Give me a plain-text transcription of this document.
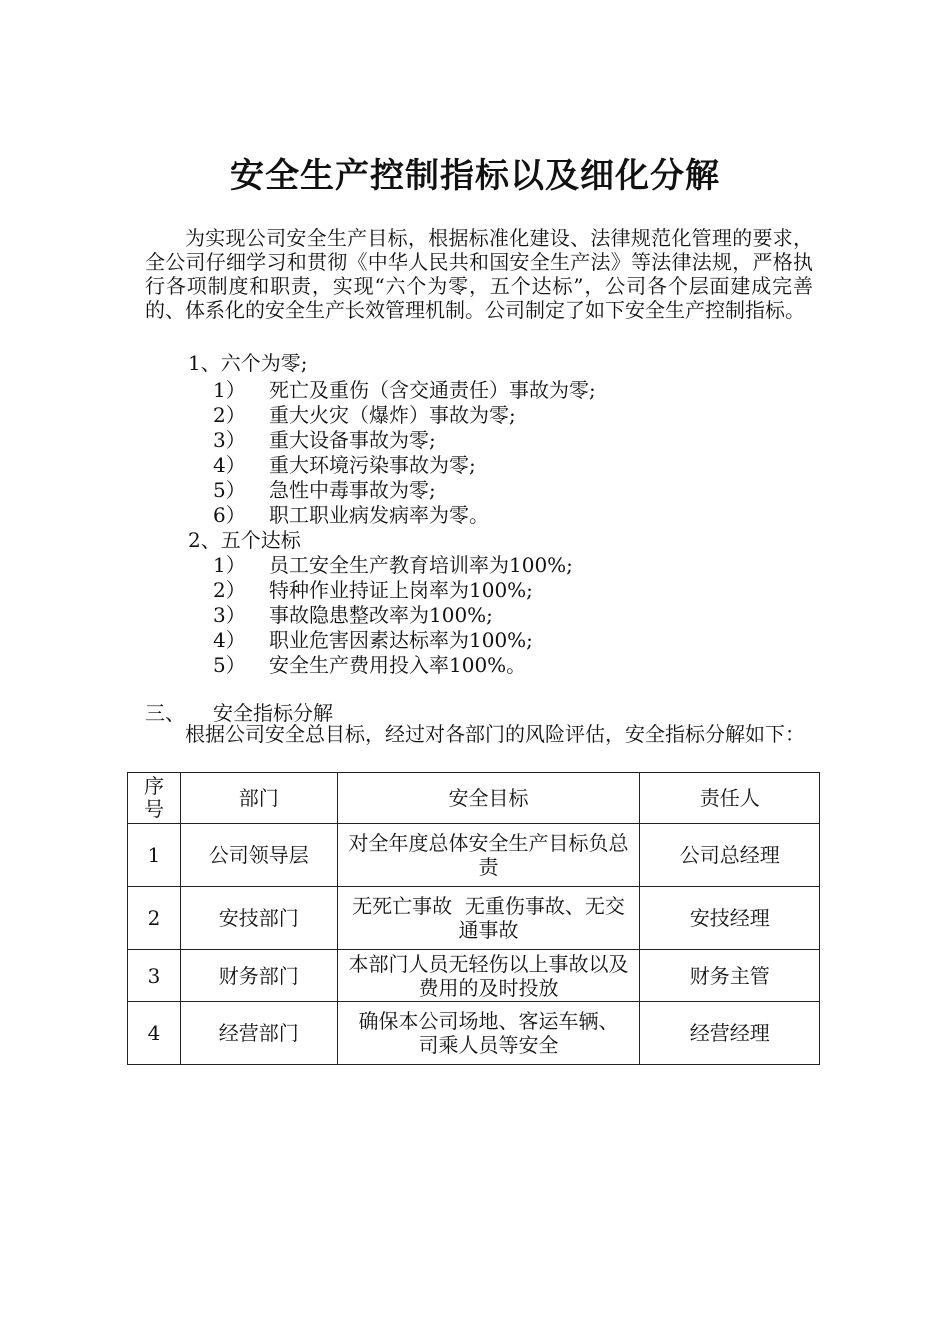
安全生产控制指标以及细化分解

为实现公司安全生产目标，根据标准化建设、法律规范化管理的要求，全公司仔细学习和贯彻《中华人民共和国安全生产法》等法律法规，严格执行各项制度和职责，实现“六个为零，五个达标”，公司各个层面建成完善的、体系化的安全生产长效管理机制。公司制定了如下安全生产控制指标。

1、六个为零;
1） 死亡及重伤（含交通责任）事故为零;
2） 重大火灾（爆炸）事故为零;
3） 重大设备事故为零;
4） 重大环境污染事故为零;
5） 急性中毒事故为零;
6） 职工职业病发病率为零。
2、五个达标
1） 员工安全生产教育培训率为100%;
2） 特种作业持证上岗率为100%;
3） 事故隐患整改率为100%;
4） 职业危害因素达标率为100%;
5） 安全生产费用投入率100%。
三、 安全指标分解

根据公司安全总目标，经过对各部门的风险评估，安全指标分解如下：

序号	部门	安全目标	责任人
1	公司领导层	对全年度总体安全生产目标负总责	公司总经理
2	安技部门	无死亡事故  无重伤事故、无交通事故	安技经理
3	财务部门	本部门人员无轻伤以上事故以及费用的及时投放	财务主管
4	经营部门	确保本公司场地、客运车辆、司乘人员等安全	经营经理
